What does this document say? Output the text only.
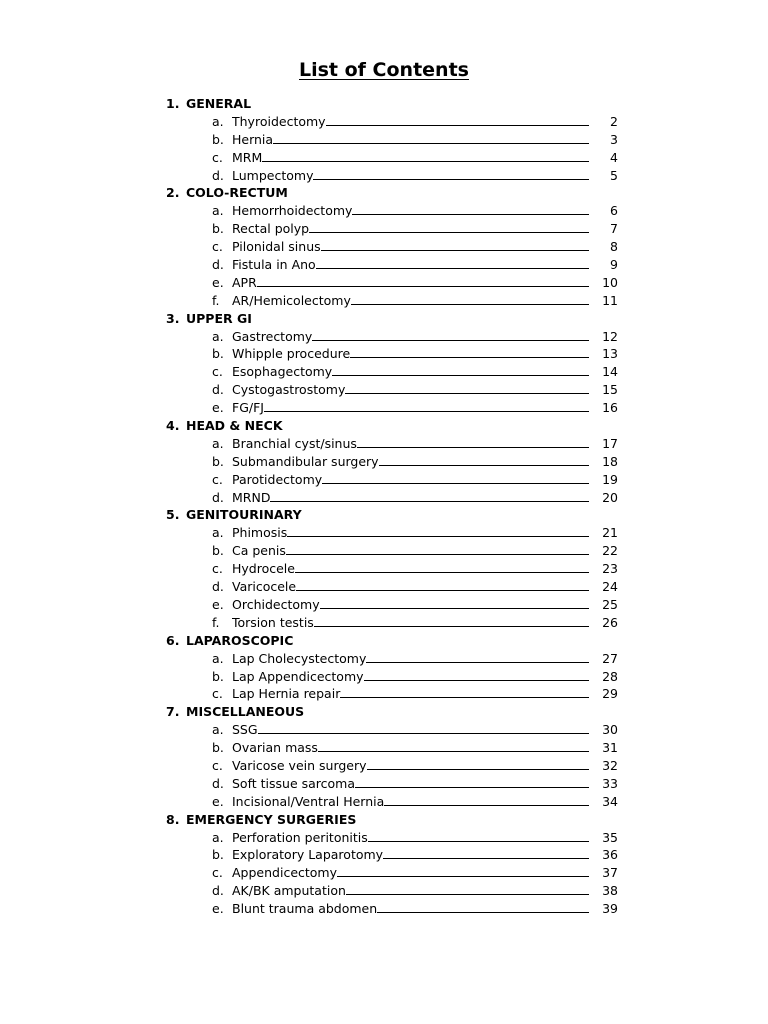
List of Contents
1. GENERAL
a. Thyroidectomy	2
b. Hernia	3
c. MRM	4
d. Lumpectomy	5
2. COLO-RECTUM
a. Hemorrhoidectomy	6
b. Rectal polyp	7
c. Pilonidal sinus	8
d. Fistula in Ano	9
e. APR	10
f. AR/Hemicolectomy	11
3. UPPER GI
a. Gastrectomy	12
b. Whipple procedure	13
c. Esophagectomy	14
d. Cystogastrostomy	15
e. FG/FJ	16
4. HEAD & NECK
a. Branchial cyst/sinus	17
b. Submandibular surgery	18
c. Parotidectomy	19
d. MRND	20
5. GENITOURINARY
a. Phimosis	21
b. Ca penis	22
c. Hydrocele	23
d. Varicocele	24
e. Orchidectomy	25
f. Torsion testis	26
6. LAPAROSCOPIC
a. Lap Cholecystectomy	27
b. Lap Appendicectomy	28
c. Lap Hernia repair	29
7. MISCELLANEOUS
a. SSG	30
b. Ovarian mass	31
c. Varicose vein surgery	32
d. Soft tissue sarcoma	33
e. Incisional/Ventral Hernia	34
8. EMERGENCY SURGERIES
a. Perforation peritonitis	35
b. Exploratory Laparotomy	36
c. Appendicectomy	37
d. AK/BK amputation	38
e. Blunt trauma abdomen	39
